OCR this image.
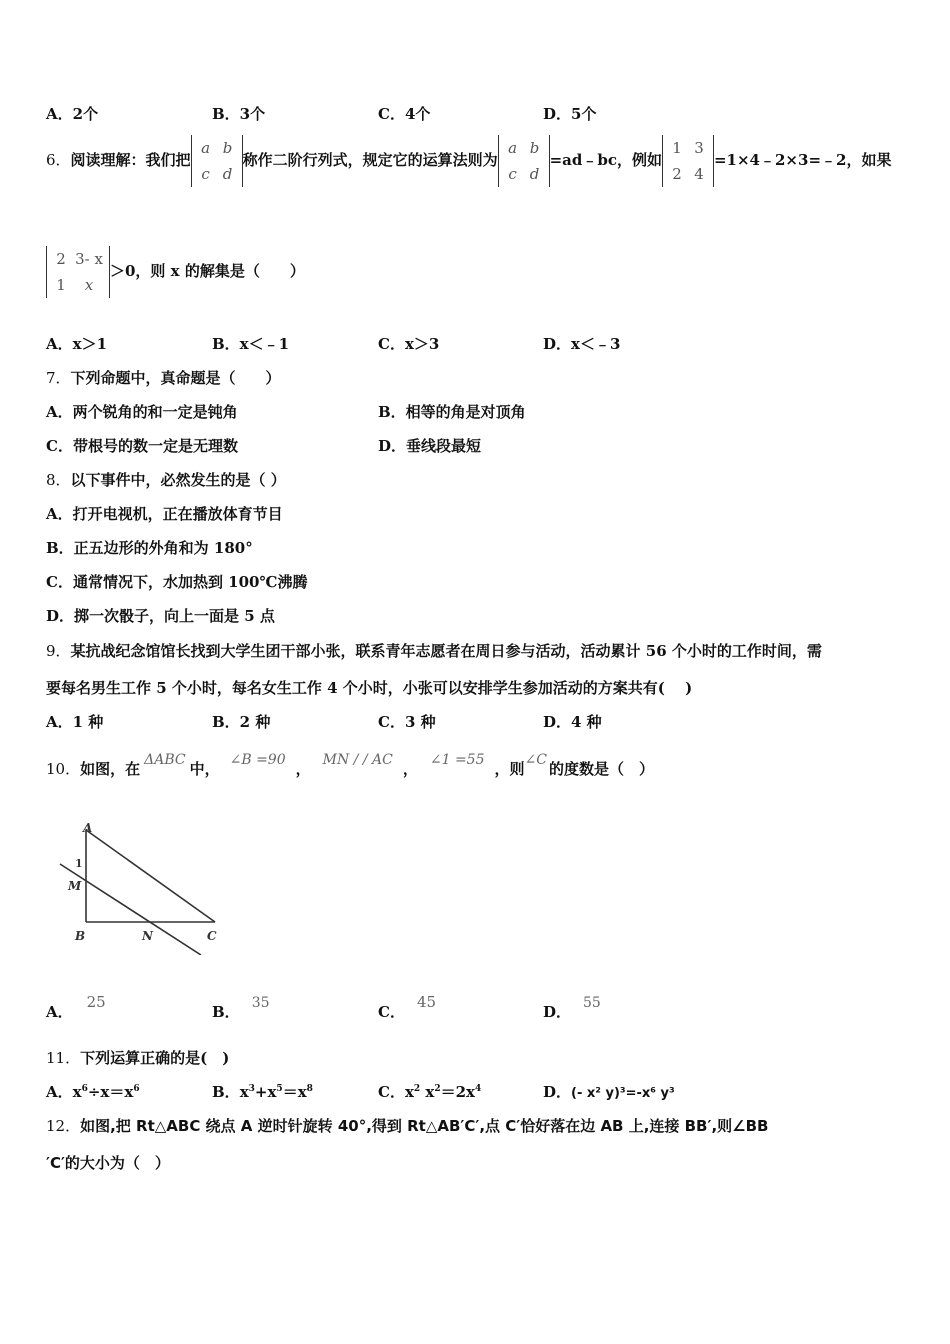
A．2个	B．3个	C．4个	D．5个
6．阅读理解：我们把
a b
c d
称作二阶行列式，规定它的运算法则为
a b
c d
=ad﹣bc，例如
1 3
2 4
=1×4﹣2×3=﹣2，如果
2 3- x
1 x
＞0，则 x 的解集是（　　）
A．x＞1	B．x＜﹣1	C．x＞3	D．x＜﹣3
7．下列命题中，真命题是（　　）
A．两个锐角的和一定是钝角	B．相等的角是对顶角
C．带根号的数一定是无理数	D．垂线段最短
8．以下事件中，必然发生的是（ ）
A．打开电视机，正在播放体育节目
B．正五边形的外角和为 180°
C．通常情况下，水加热到 100℃沸腾
D．掷一次骰子，向上一面是 5 点
9．某抗战纪念馆馆长找到大学生团干部小张，联系青年志愿者在周日参与活动，活动累计 56 个小时的工作时间，需
要每名男生工作 5 个小时，每名女生工作 4 个小时，小张可以安排学生参加活动的方案共有(　 )
A．1 种	B．2 种	C．3 种	D．4 种
10．如图，在 ΔABC 中， ∠B =90 ， MN / / AC ， ∠1 =55 ，则∠C 的度数是（　）
A
1
M
B	N	C
A．25
B． 35	C．45
D． 55
11．下列运算正确的是(　)
A．$x^6\div x=x^6$	B．$x^3+x^5=x^8$	C．$x^2$ $x^2=2x^4$	D．(- x² y)³=-x⁶ y³
12．如图,把 Rt△ABC 绕点 A 逆时针旋转 40°,得到 Rt△AB′C′,点 C′恰好落在边 AB 上,连接 BB′,则∠BB
′C′的大小为（　）
